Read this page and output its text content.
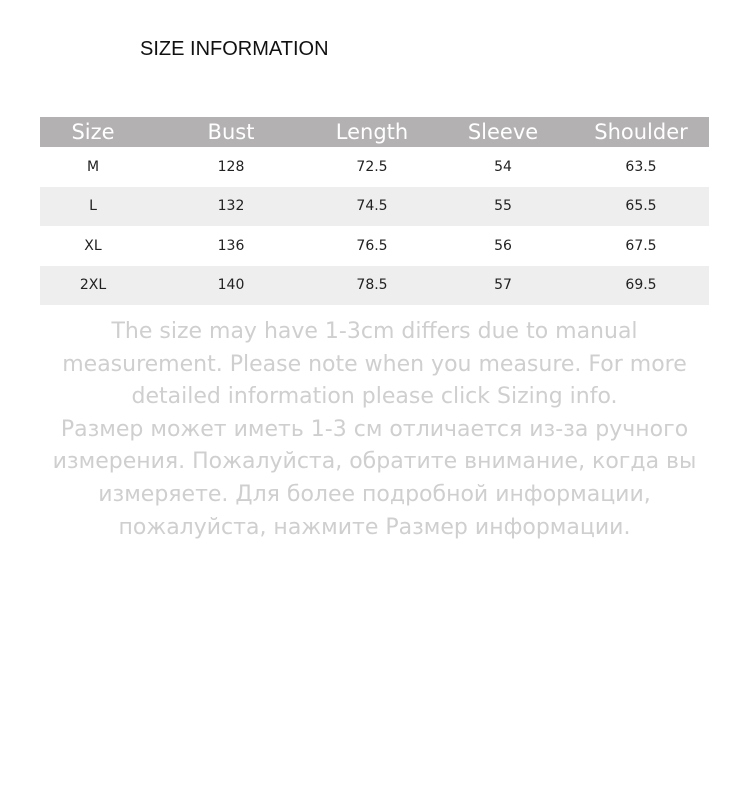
SIZE INFORMATION
Size	Bust	Length	Sleeve	Shoulder
M	128	72.5	54	63.5
L	132	74.5	55	65.5
XL	136	76.5	56	67.5
2XL	140	78.5	57	69.5

The size may have 1-3cm differs due to manual

measurement. Please note when you measure. For more

detailed information please click Sizing info.

Размер может иметь 1-3 см отличается из-за ручного

измерения. Пожалуйста, обратите внимание, когда вы

измеряете. Для более подробной информации,

пожалуйста, нажмите Размер информации.
